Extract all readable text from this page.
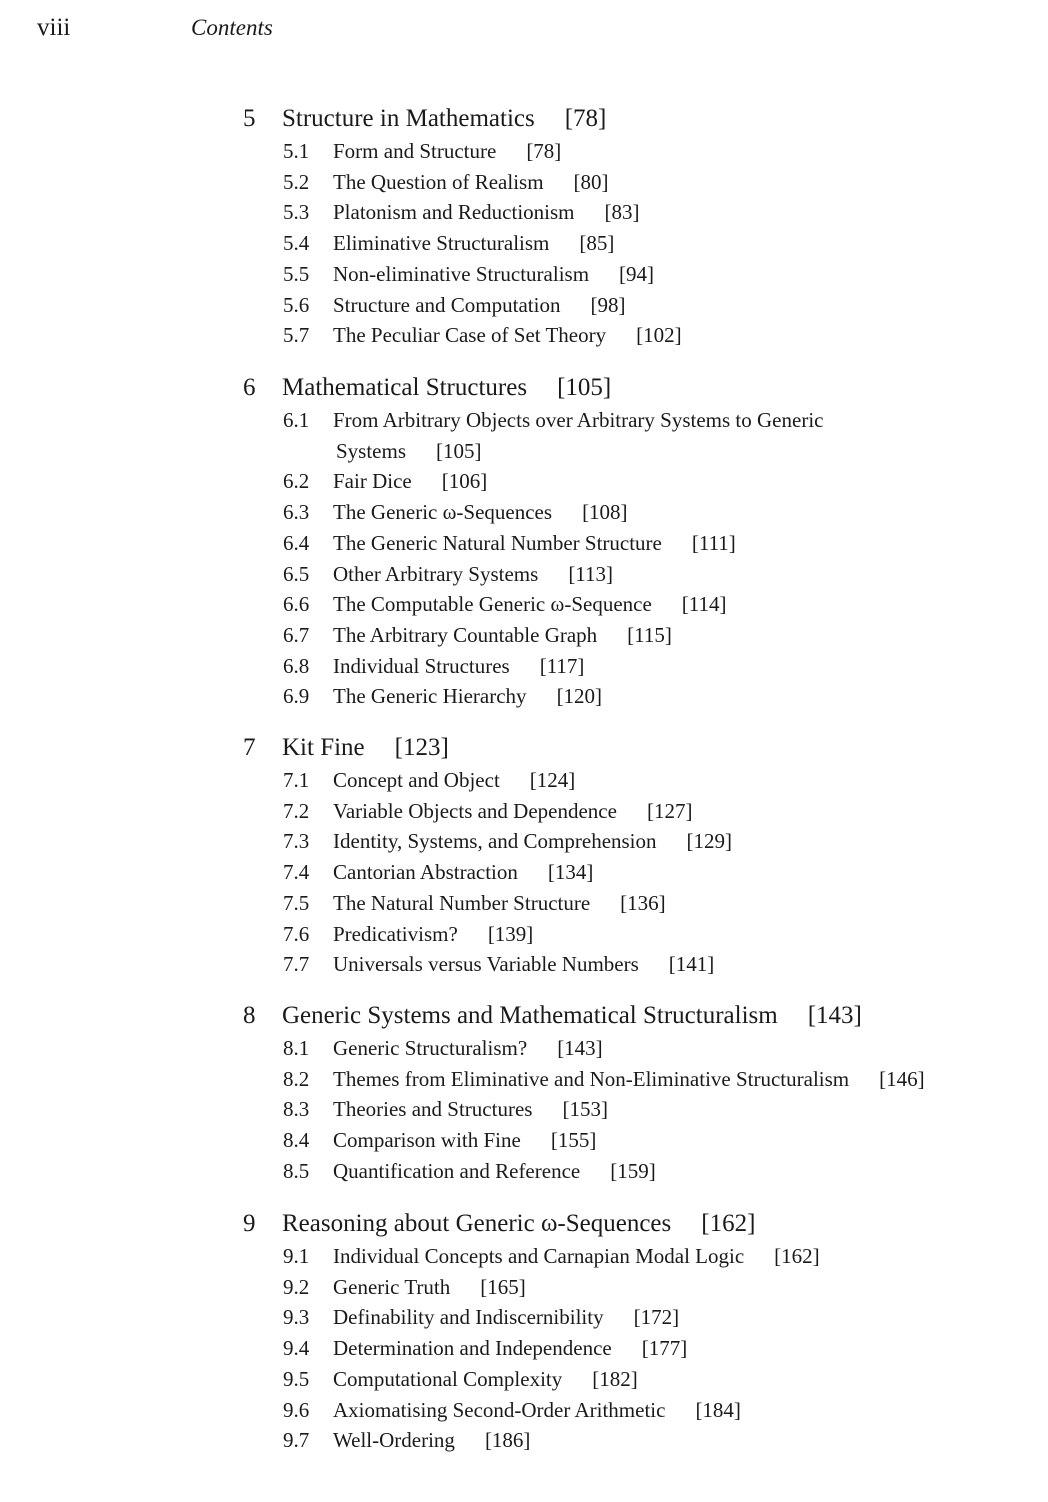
viii	Contents
5 Structure in Mathematics [78]
5.1 Form and Structure [78]
5.2 The Question of Realism [80]
5.3 Platonism and Reductionism [83]
5.4 Eliminative Structuralism [85]
5.5 Non-eliminative Structuralism [94]
5.6 Structure and Computation [98]
5.7 The Peculiar Case of Set Theory [102]
6 Mathematical Structures [105]
6.1 From Arbitrary Objects over Arbitrary Systems to Generic
Systems [105]
6.2 Fair Dice [106]
6.3 The Generic ω-Sequences [108]
6.4 The Generic Natural Number Structure [111]
6.5 Other Arbitrary Systems [113]
6.6 The Computable Generic ω-Sequence [114]
6.7 The Arbitrary Countable Graph [115]
6.8 Individual Structures [117]
6.9 The Generic Hierarchy [120]
7 Kit Fine [123]
7.1 Concept and Object [124]
7.2 Variable Objects and Dependence [127]
7.3 Identity, Systems, and Comprehension [129]
7.4 Cantorian Abstraction [134]
7.5 The Natural Number Structure [136]
7.6 Predicativism? [139]
7.7 Universals versus Variable Numbers [141]
8 Generic Systems and Mathematical Structuralism [143]
8.1 Generic Structuralism? [143]
8.2 Themes from Eliminative and Non-Eliminative Structuralism [146]
8.3 Theories and Structures [153]
8.4 Comparison with Fine [155]
8.5 Quantification and Reference [159]
9 Reasoning about Generic ω-Sequences [162]
9.1 Individual Concepts and Carnapian Modal Logic [162]
9.2 Generic Truth [165]
9.3 Definability and Indiscernibility [172]
9.4 Determination and Independence [177]
9.5 Computational Complexity [182]
9.6 Axiomatising Second-Order Arithmetic [184]
9.7 Well-Ordering [186]
